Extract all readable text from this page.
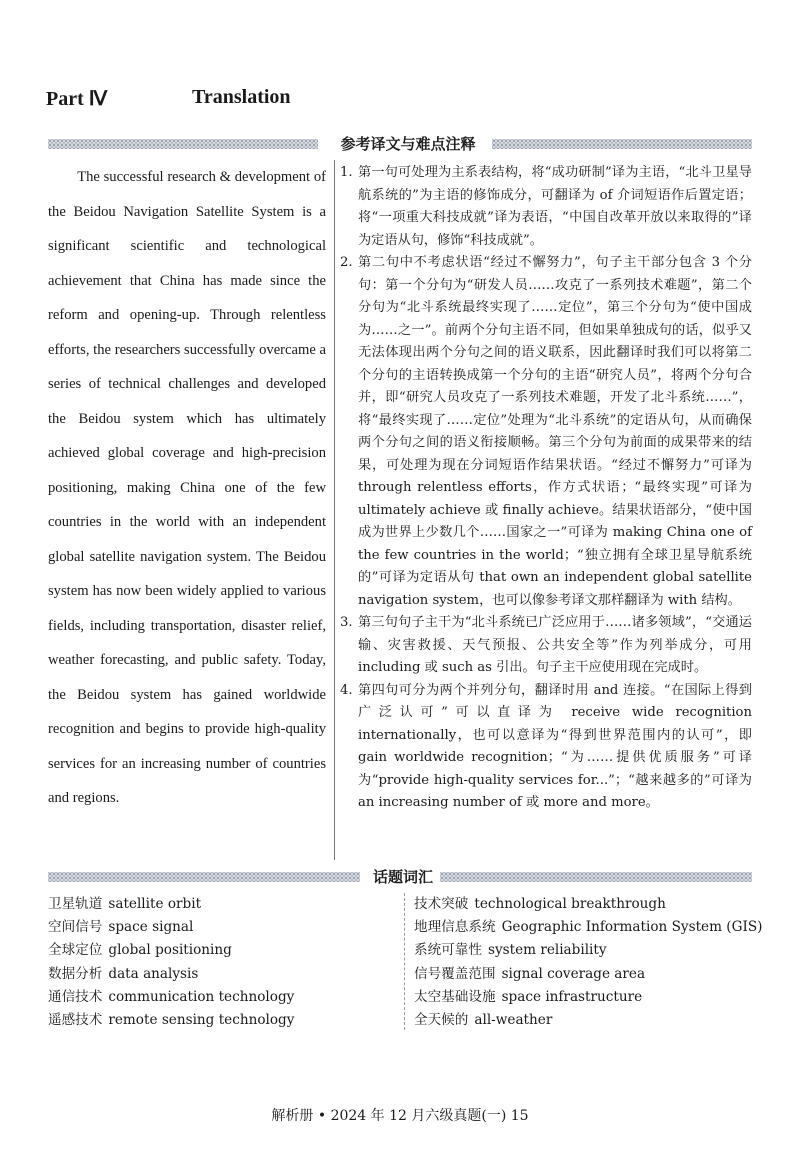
Part Ⅳ	Translation
参考译文与难点注释

The successful research & development of the Beidou Navigation Satellite System is a significant scientific and technological achievement that China has made since the reform and opening-up. Through relentless efforts, the researchers successfully overcame a series of technical challenges and developed the Beidou system which has ultimately achieved global coverage and high-precision positioning, making China one of the few countries in the world with an independent global satellite navigation system. The Beidou system has now been widely applied to various fields, including transportation, disaster relief, weather forecasting, and public safety. Today, the Beidou system has gained worldwide recognition and begins to provide high-quality services for an increasing number of countries and regions.

1. 第一句可处理为主系表结构，将“成功研制”译为主语，“北斗卫星导航系统的”为主语的修饰成分，可翻译为 of 介词短语作后置定语；将“一项重大科技成就”译为表语，“中国自改革开放以来取得的”译为定语从句，修饰“科技成就”。
2. 第二句中不考虑状语“经过不懈努力”，句子主干部分包含 3 个分句：第一个分句为“研发人员……攻克了一系列技术难题”，第二个分句为“北斗系统最终实现了……定位”，第三个分句为“使中国成为……之一”。前两个分句主语不同，但如果单独成句的话，似乎又无法体现出两个分句之间的语义联系，因此翻译时我们可以将第二个分句的主语转换成第一个分句的主语“研究人员”，将两个分句合并，即“研究人员攻克了一系列技术难题，开发了北斗系统……”，将“最终实现了……定位”处理为“北斗系统”的定语从句，从而确保两个分句之间的语义衔接顺畅。第三个分句为前面的成果带来的结果，可处理为现在分词短语作结果状语。“经过不懈努力”可译为 through relentless efforts，作方式状语；“最终实现”可译为 ultimately achieve 或 finally achieve。结果状语部分，“使中国成为世界上少数几个……国家之一”可译为 making China one of the few countries in the world；“独立拥有全球卫星导航系统的”可译为定语从句 that own an independent global satellite navigation system，也可以像参考译文那样翻译为 with 结构。
3. 第三句句子主干为“北斗系统已广泛应用于……诸多领域”，“交通运输、灾害救援、天气预报、公共安全等”作为列举成分，可用 including 或 such as 引出。句子主干应使用现在完成时。
4. 第四句可分为两个并列分句，翻译时用 and 连接。“在国际上得到广泛认可”可以直译为 receive wide recognition internationally，也可以意译为“得到世界范围内的认可”，即 gain worldwide recognition；“为……提供优质服务”可译为“provide high-quality services for...”；“越来越多的”可译为 an increasing number of 或 more and more。
话题词汇
卫星轨道 satellite orbit
空间信号 space signal
全球定位 global positioning
数据分析 data analysis
通信技术 communication technology
遥感技术 remote sensing technology
技术突破 technological breakthrough
地理信息系统 Geographic Information System (GIS)
系统可靠性 system reliability
信号覆盖范围 signal coverage area
太空基础设施 space infrastructure
全天候的 all-weather
解析册 • 2024 年 12 月六级真题(一) 15
